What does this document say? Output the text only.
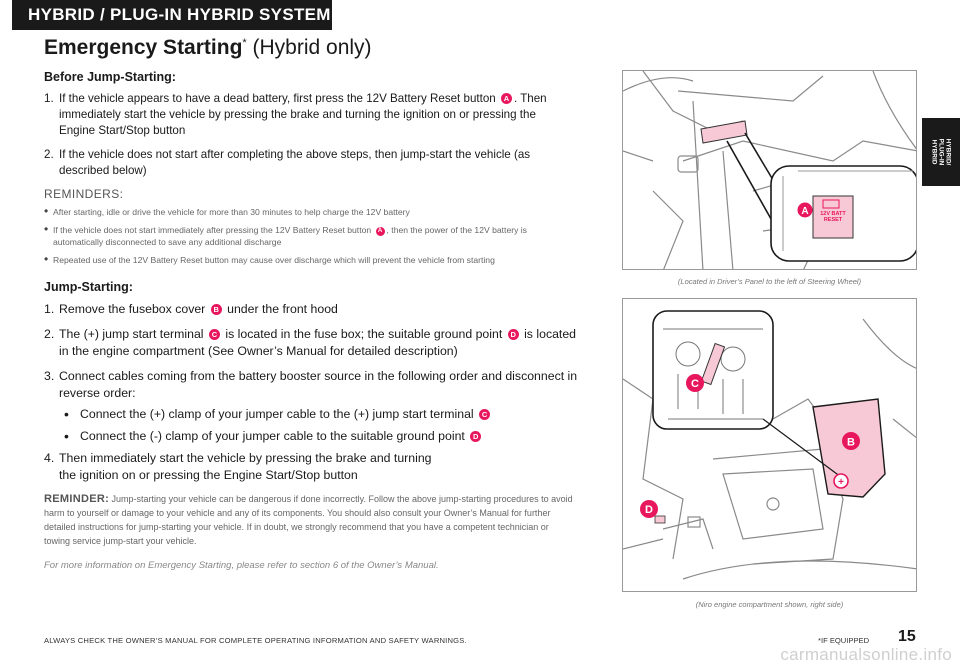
HYBRID / PLUG-IN HYBRID SYSTEM
HYBRID/
PLUG-IN
HYBRID
Emergency Starting* (Hybrid only)
Before Jump-Starting:
1. If the vehicle appears to have a dead battery, first press the 12V Battery Reset button A . Then immediately start the vehicle by pressing the brake and turning the ignition on or pressing the Engine Start/Stop button
2. If the vehicle does not start after completing the above steps, then jump-start the vehicle (as described below)
REMINDERS:
• After starting, idle or drive the vehicle for more than 30 minutes to help charge the 12V battery
• If the vehicle does not start immediately after pressing the 12V Battery Reset button A , then the power of the 12V battery is automatically disconnected to save any additional discharge
• Repeated use of the 12V Battery Reset button may cause over discharge which will prevent the vehicle from starting
Jump-Starting:
1. Remove the fusebox cover B under the front hood
2. The (+) jump start terminal C is located in the fuse box; the suitable ground point D is located in the engine compartment (See Owner’s Manual for detailed description)
3. Connect cables coming from the battery booster source in the following order and disconnect in reverse order:
• Connect the (+) clamp of your jumper cable to the (+) jump start terminal C
• Connect the (-) clamp of your jumper cable to the suitable ground point D
4. Then immediately start the vehicle by pressing the brake and turning the ignition on or pressing the Engine Start/Stop button
REMINDER: Jump-starting your vehicle can be dangerous if done incorrectly. Follow the above jump-starting procedures to avoid harm to yourself or damage to your vehicle and any of its components. You should also consult your Owner’s Manual for further detailed instructions for jump-starting your vehicle. If in doubt, we strongly recommend that you have a competent technician or towing service jump-start your vehicle.
For more information on Emergency Starting, please refer to section 6 of the Owner’s Manual.
12V BATT RESET
A
(Located in Driver’s Panel to the left of Steering Wheel)
C
B
+
D
(Niro engine compartment shown, right side)
ALWAYS CHECK THE OWNER’S MANUAL FOR COMPLETE OPERATING INFORMATION AND SAFETY WARNINGS.	*IF EQUIPPED 15
carmanualsonline.info
